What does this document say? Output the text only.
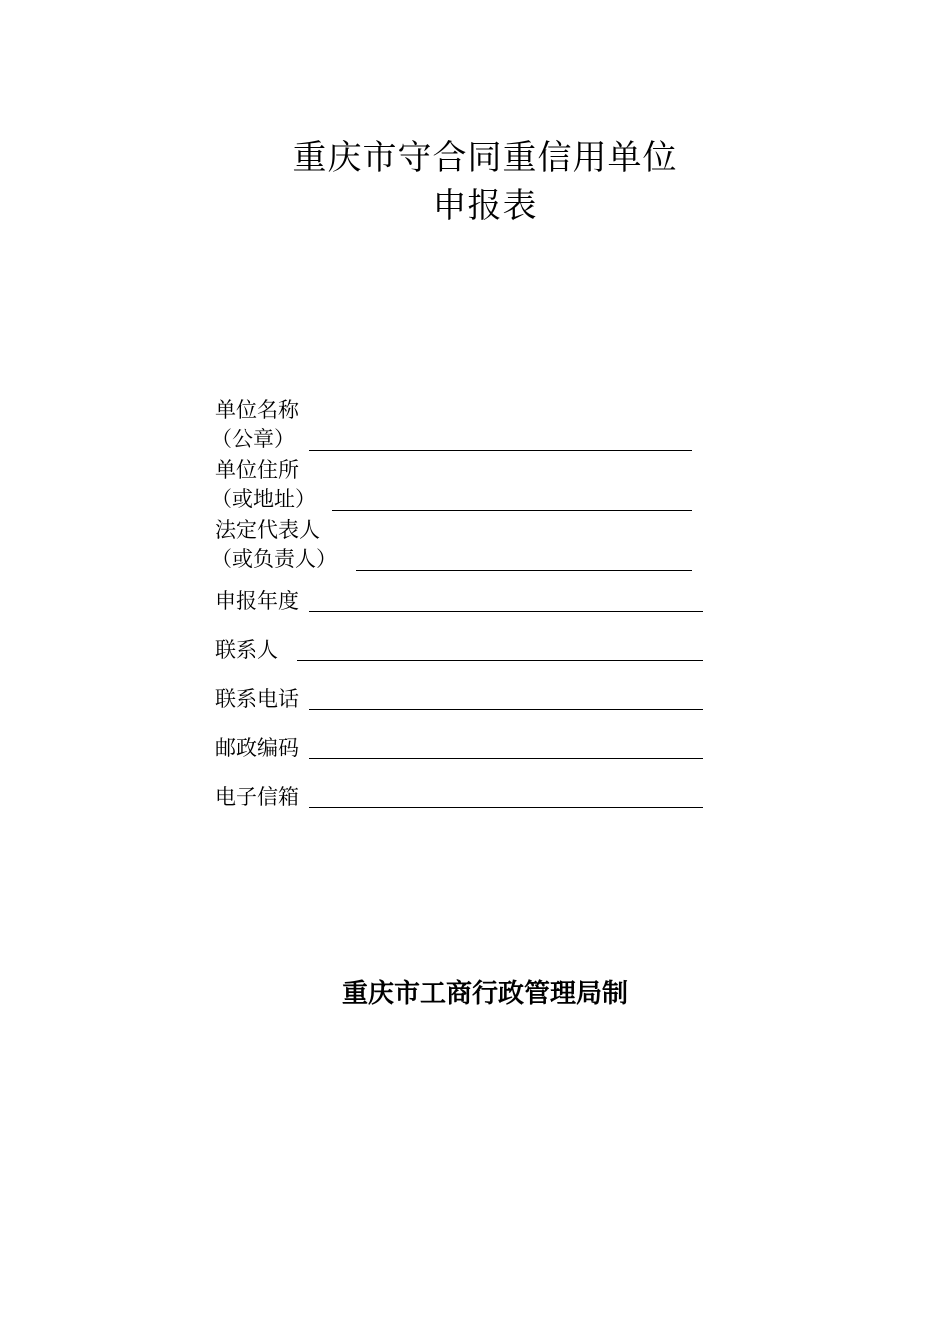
重庆市守合同重信用单位
申报表
单位名称
（公章）
单位住所
（或地址）
法定代表人
（或负责人）
申报年度
联系人
联系电话
邮政编码
电子信箱
重庆市工商行政管理局制
